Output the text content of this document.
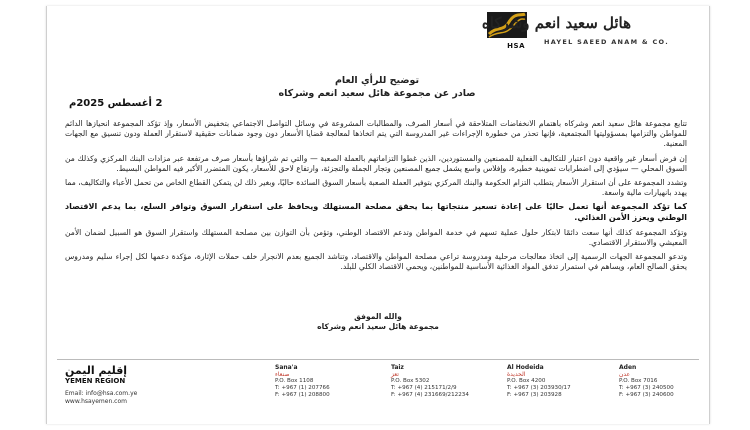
HSA
هائل سعيد انعم وشركاه
HAYEL SAEED ANAM & CO.
توضيح للرأي العام
صادر عن مجموعة هائل سعيد انعم وشركاه
2 أغسطس 2025م

تتابع مجموعة هائل سعيد انعم وشركاه باهتمام الانخفاضات المتلاحقة في أسعار الصرف، والمطالبات المشروعة في وسائل التواصل الاجتماعي بتخفيض الأسعار، وإذ تؤكد المجموعة انحيازها الدائم للمواطن والتزامها بمسؤوليتها المجتمعية، فإنها تحذر من خطورة الإجراءات غير المدروسة التي يتم اتخاذها لمعالجة قضايا الأسعار دون وجود ضمانات حقيقية لاستقرار العملة ودون تنسيق مع الجهات المعنية.

إن فرض أسعار غير واقعية دون اعتبار للتكاليف الفعلية للمصنعين والمستوردين، الذين غطوا التزاماتهم بالعملة الصعبة — والتي تم شراؤها بأسعار صرف مرتفعة عبر مزادات البنك المركزي وكذلك من السوق المحلي — سيؤدي إلى اضطرابات تموينية خطيرة، وإفلاس واسع يشمل جميع المصنعين وتجار الجملة والتجزئة، وارتفاع لاحق للأسعار، يكون المتضرر الأكبر فيه المواطن البسيط.

وتشدد المجموعة على أن استقرار الأسعار يتطلب التزام الحكومة والبنك المركزي بتوفير العملة الصعبة بأسعار السوق السائدة حاليًا، وبغير ذلك لن يتمكن القطاع الخاص من تحمل الأعباء والتكاليف، مما يهدد بانهيارات مالية واسعة.

كما تؤكد المجموعة أنها تعمل حاليًا على إعادة تسعير منتجاتها بما يحقق مصلحة المستهلك ويحافظ على استقرار السوق وتوافر السلع، بما يدعم الاقتصاد الوطني ويعزز الأمن الغذائي.

وتؤكد المجموعة كذلك أنها سعت دائمًا لابتكار حلول عملية تسهم في خدمة المواطن وتدعم الاقتصاد الوطني، وتؤمن بأن التوازن بين مصلحة المستهلك واستقرار السوق هو السبيل لضمان الأمن المعيشي والاستقرار الاقتصادي.

وتدعو المجموعة الجهات الرسمية إلى اتخاذ معالجات مرحلية ومدروسة تراعي مصلحة المواطن والاقتصاد، وتناشد الجميع بعدم الانجرار خلف حملات الإثارة، مؤكدة دعمها لكل إجراء سليم ومدروس يحقق الصالح العام، ويساهم في استمرار تدفق المواد الغذائية الأساسية للمواطنين، ويحمي الاقتصاد الكلي للبلد.

والله الموفق
مجموعة هائل سعيد انعم وشركاه
إقليم اليمن
YEMEN REGION
Email: info@hsa.com.ye
www.hsayemen.com
Sana'a
صنعاء
P.O. Box 1108
T: +967 (1) 207766
F: +967 (1) 208800
Taiz
تعز
P.O. Box 5302
T: +967 (4) 215171/2/9
F: +967 (4) 231669/212234
Al Hodeida
الحديدة
P.O. Box 4200
T: +967 (3) 203930/17
F: +967 (3) 203928
Aden
عدن
P.O. Box 7016
T: +967 (3) 240500
F: +967 (3) 240600
